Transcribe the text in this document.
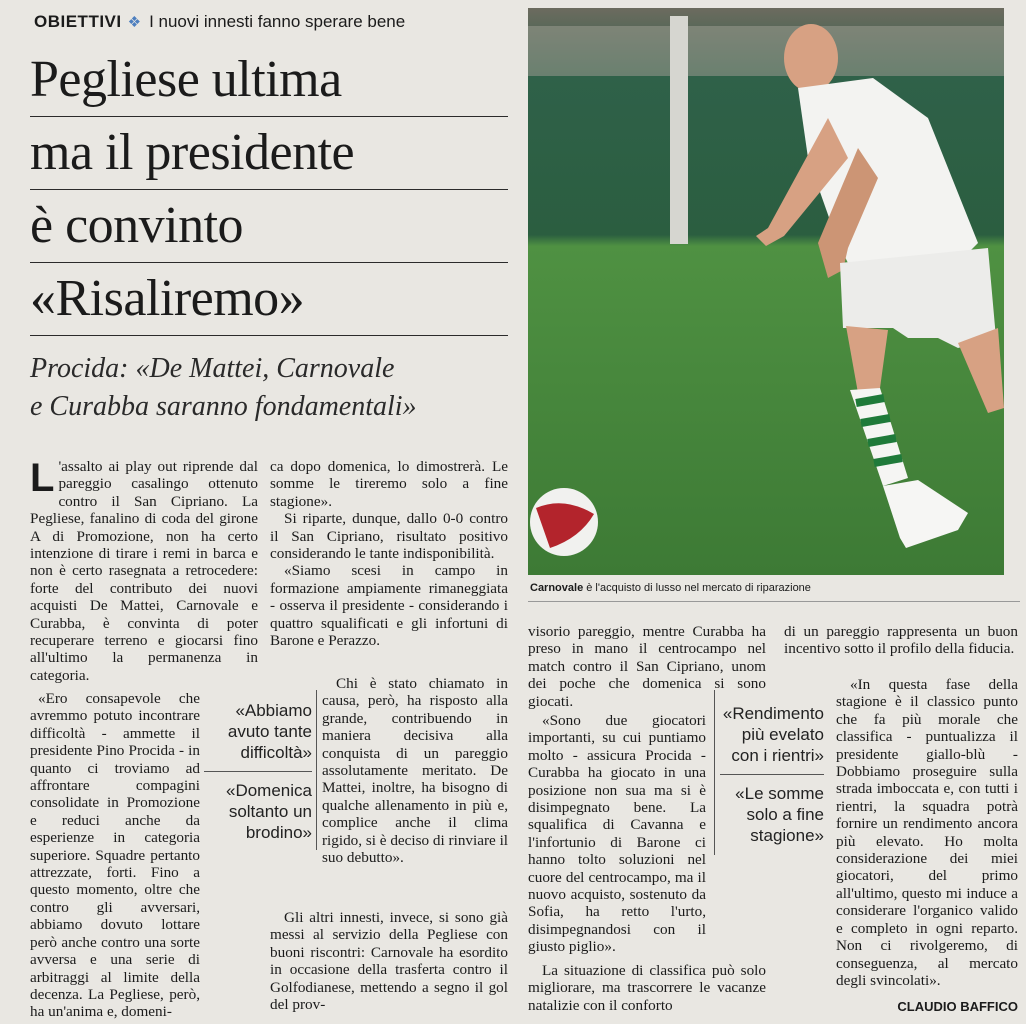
OBIETTIVI ❖ I nuovi innesti fanno sperare bene
Pegliese ultima
ma il presidente
è convinto
«Risaliremo»
Procida: «De Mattei, Carnovale
e Curabba saranno fondamentali»
L 'assalto ai play out riprende dal pareggio casalingo ottenuto contro il San Cipriano. La Pegliese, fanalino di coda del girone A di Promozione, non ha certo intenzione di tirare i remi in barca e non è certo rasegnata a retrocedere: forte del contributo dei nuovi acquisti De Mattei, Carnovale e Curabba, è convinta di poter recuperare terreno e giocarsi fino all'ultimo la permanenza in categoria.

«Ero consapevole che avremmo potuto incontrare difficoltà - ammette il presidente Pino Procida - in quanto ci troviamo ad affrontare compagini consolidate in Promozione e reduci anche da esperienze in categoria superiore. Squadre pertanto attrezzate, forti. Fino a questo momento, oltre che contro gli avversari, abbiamo dovuto lottare però anche contro una sorte avversa e una serie di arbitraggi al limite della decenza. La Pegliese, però, ha un'anima e, domeni-

«Abbiamo avuto tante difficoltà»
«Domenica soltanto un brodino»

ca dopo domenica, lo dimostrerà. Le somme le tireremo solo a fine stagione».

Si riparte, dunque, dallo 0-0 contro il San Cipriano, risultato positivo considerando le tante indisponibilità.

«Siamo scesi in campo in formazione ampiamente rimaneggiata - osserva il presidente - considerando i quattro squalificati e gli infortuni di Barone e Perazzo.

Chi è stato chiamato in causa, però, ha risposto alla grande, contribuendo in maniera decisiva alla conquista di un pareggio assolutamente meritato. De Mattei, inoltre, ha bisogno di qualche allenamento in più e, complice anche il clima rigido, si è deciso di rinviare il suo debutto».

Gli altri innesti, invece, si sono già messi al servizio della Pegliese con buoni riscontri: Carnovale ha esordito in occasione della trasferta contro il Golfodianese, mettendo a segno il gol del prov-

Carnovale è l'acquisto di lusso nel mercato di riparazione

visorio pareggio, mentre Curabba ha preso in mano il centrocampo nel match contro il San Cipriano, unom dei poche che domenica si sono giocati.

«Sono due giocatori importanti, su cui puntiamo molto - assicura Procida - Curabba ha giocato in una posizione non sua ma si è disimpegnato bene. La squalifica di Cavanna e l'infortunio di Barone ci hanno tolto soluzioni nel cuore del centrocampo, ma il nuovo acquisto, sostenuto da Sofia, ha retto l'urto, disimpegnandosi con il giusto piglio».

La situazione di classifica può solo migliorare, ma trascorrere le vacanze natalizie con il conforto

«Rendimento più evelato con i rientri»
«Le somme solo a fine stagione»

di un pareggio rappresenta un buon incentivo sotto il profilo della fiducia.

«In questa fase della stagione è il classico punto che fa più morale che classifica - puntualizza il presidente giallo-blù - Dobbiamo proseguire sulla strada imboccata e, con tutti i rientri, la squadra potrà fornire un rendimento ancora più elevato. Ho molta considerazione dei miei giocatori, del primo all'ultimo, questo mi induce a considerare l'organico valido e completo in ogni reparto. Non ci rivolgeremo, di conseguenza, al mercato degli svincolati».

CLAUDIO BAFFICO
